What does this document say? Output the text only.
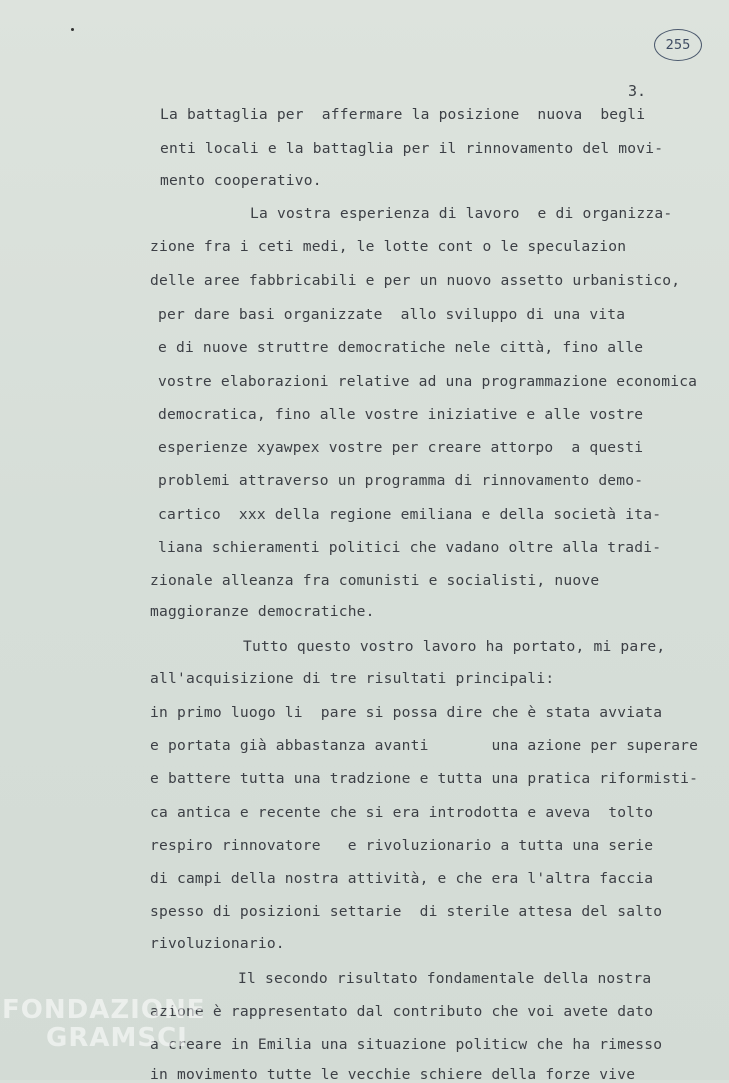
255
3.
La battaglia per  affermare la posizione  nuova  begli
enti locali e la battaglia per il rinnovamento del movi-
mento cooperativo.
La vostra esperienza di lavoro  e di organizza-
zione fra i ceti medi, le lotte cont o le speculazion
delle aree fabbricabili e per un nuovo assetto urbanistico,
per dare basi organizzate  allo sviluppo di una vita
e di nuove struttre democratiche nele città, fino alle
vostre elaborazioni relative ad una programmazione economica
democratica, fino alle vostre iniziative e alle vostre
esperienze xyawpex vostre per creare attorpo  a questi
problemi attraverso un programma di rinnovamento demo-
cartico  xxx della regione emiliana e della società ita-
liana schieramenti politici che vadano oltre alla tradi-
zionale alleanza fra comunisti e socialisti, nuove
maggioranze democratiche.
Tutto questo vostro lavoro ha portato, mi pare,
all'acquisizione di tre risultati principali:
in primo luogo li  pare si possa dire che è stata avviata
e portata già abbastanza avanti       una azione per superare
e battere tutta una tradzione e tutta una pratica riformisti-
ca antica e recente che si era introdotta e aveva  tolto
respiro rinnovatore   e rivoluzionario a tutta una serie
di campi della nostra attività, e che era l'altra faccia
spesso di posizioni settarie  di sterile attesa del salto
rivoluzionario.
Il secondo risultato fondamentale della nostra
azione è rappresentato dal contributo che voi avete dato
a creare in Emilia una situazione politicw che ha rimesso
in movimento tutte le vecchie schiere della forze vive
FONDAZIONE
GRAMSCI
